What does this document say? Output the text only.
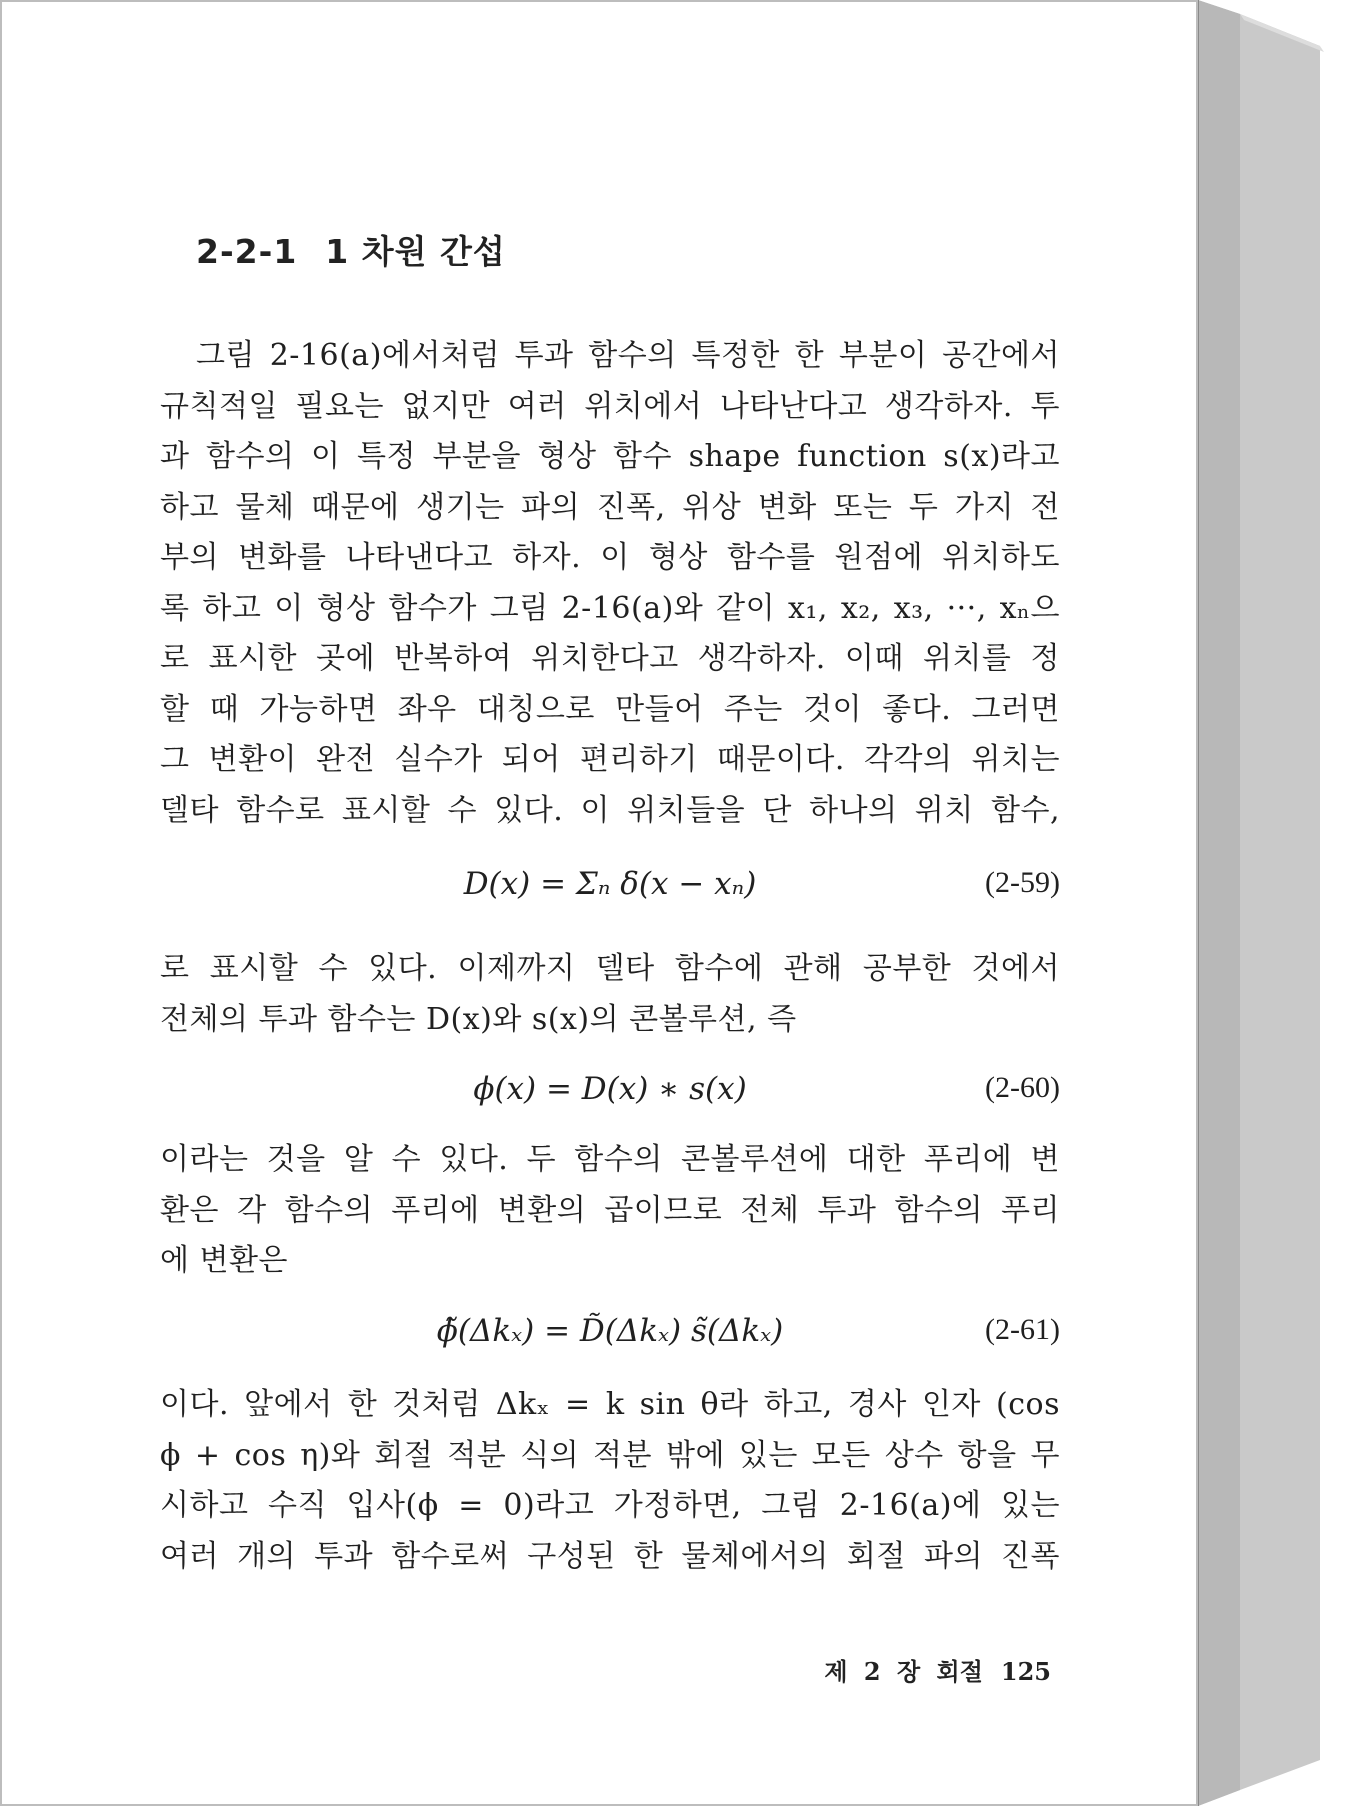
2-2-1 1 차원 간섭
그림 2-16(a)에서처럼 투과 함수의 특정한 한 부분이 공간에서
규칙적일 필요는 없지만 여러 위치에서 나타난다고 생각하자. 투
과 함수의 이 특정 부분을 형상 함수 shape function s(x)라고
하고 물체 때문에 생기는 파의 진폭, 위상 변화 또는 두 가지 전
부의 변화를 나타낸다고 하자. 이 형상 함수를 원점에 위치하도
록 하고 이 형상 함수가 그림 2-16(a)와 같이 x₁, x₂, x₃, ···, xₙ으
로 표시한 곳에 반복하여 위치한다고 생각하자. 이때 위치를 정
할 때 가능하면 좌우 대칭으로 만들어 주는 것이 좋다. 그러면
그 변환이 완전 실수가 되어 편리하기 때문이다. 각각의 위치는
델타 함수로 표시할 수 있다. 이 위치들을 단 하나의 위치 함수,
D(x) = Σₙ δ(x − xₙ)	(2-59)
로 표시할 수 있다. 이제까지 델타 함수에 관해 공부한 것에서
전체의 투과 함수는 D(x)와 s(x)의 콘볼루션, 즉
ϕ(x) = D(x) ∗ s(x)	(2-60)
이라는 것을 알 수 있다. 두 함수의 콘볼루션에 대한 푸리에 변
환은 각 함수의 푸리에 변환의 곱이므로 전체 투과 함수의 푸리
에 변환은
ϕ̃(Δkₓ) = D̃(Δkₓ) s̃(Δkₓ)	(2-61)
이다. 앞에서 한 것처럼 Δkₓ = k sin θ라 하고, 경사 인자 (cos
ϕ + cos η)와 회절 적분 식의 적분 밖에 있는 모든 상수 항을 무
시하고 수직 입사(ϕ = 0)라고 가정하면, 그림 2-16(a)에 있는
여러 개의 투과 함수로써 구성된 한 물체에서의 회절 파의 진폭
제 2 장 회절 125
